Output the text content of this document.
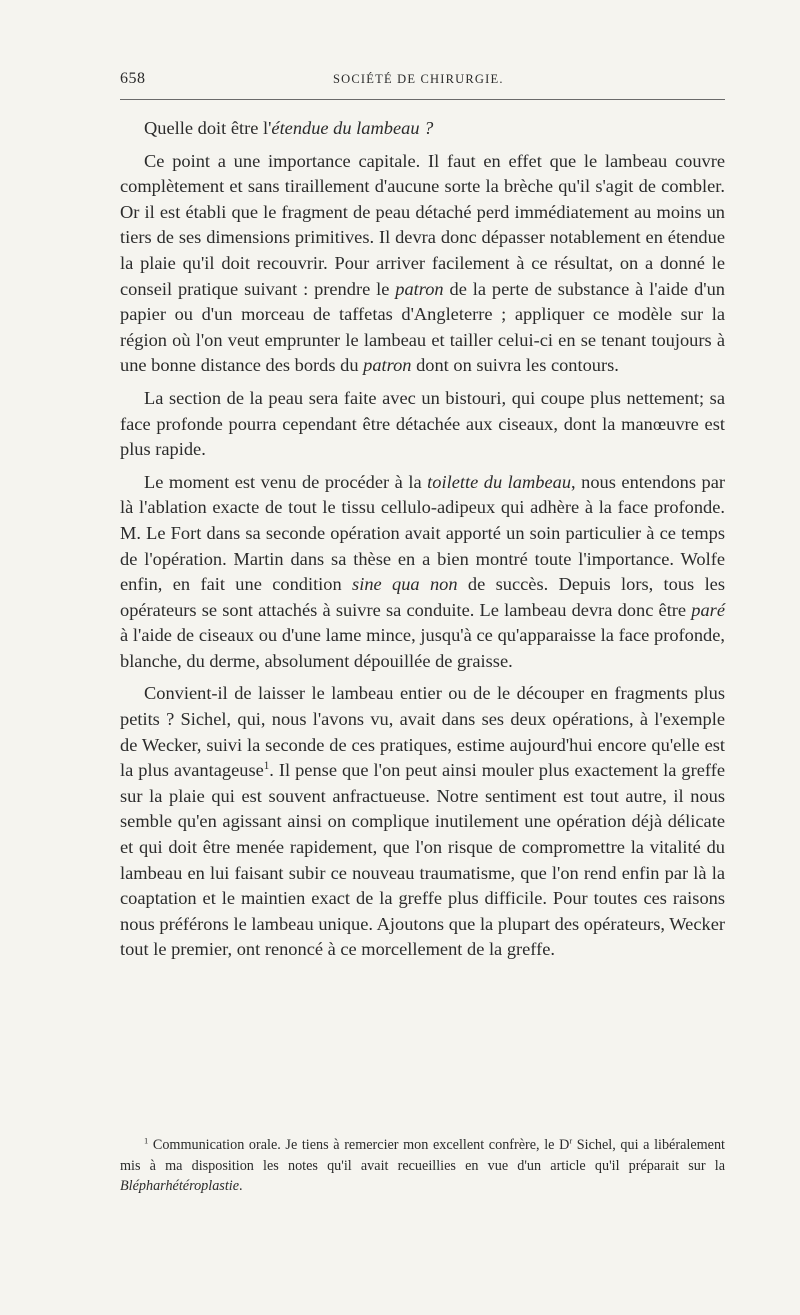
658	SOCIÉTÉ DE CHIRURGIE.

Quelle doit être l'étendue du lambeau ?

Ce point a une importance capitale. Il faut en effet que le lambeau couvre complètement et sans tiraillement d'aucune sorte la brèche qu'il s'agit de combler. Or il est établi que le fragment de peau détaché perd immédiatement au moins un tiers de ses dimensions primitives. Il devra donc dépasser notablement en étendue la plaie qu'il doit recouvrir. Pour arriver facilement à ce résultat, on a donné le conseil pratique suivant : prendre le patron de la perte de substance à l'aide d'un papier ou d'un morceau de taffetas d'Angleterre ; appliquer ce modèle sur la région où l'on veut emprunter le lambeau et tailler celui-ci en se tenant toujours à une bonne distance des bords du patron dont on suivra les contours.

La section de la peau sera faite avec un bistouri, qui coupe plus nettement; sa face profonde pourra cependant être détachée aux ciseaux, dont la manœuvre est plus rapide.

Le moment est venu de procéder à la toilette du lambeau, nous entendons par là l'ablation exacte de tout le tissu cellulo-adipeux qui adhère à la face profonde. M. Le Fort dans sa seconde opération avait apporté un soin particulier à ce temps de l'opération. Martin dans sa thèse en a bien montré toute l'importance. Wolfe enfin, en fait une condition sine qua non de succès. Depuis lors, tous les opérateurs se sont attachés à suivre sa conduite. Le lambeau devra donc être paré à l'aide de ciseaux ou d'une lame mince, jusqu'à ce qu'apparaisse la face profonde, blanche, du derme, absolument dépouillée de graisse.

Convient-il de laisser le lambeau entier ou de le découper en fragments plus petits ? Sichel, qui, nous l'avons vu, avait dans ses deux opérations, à l'exemple de Wecker, suivi la seconde de ces pratiques, estime aujourd'hui encore qu'elle est la plus avantageuse$^1$. Il pense que l'on peut ainsi mouler plus exactement la greffe sur la plaie qui est souvent anfractueuse. Notre sentiment est tout autre, il nous semble qu'en agissant ainsi on complique inutilement une opération déjà délicate et qui doit être menée rapidement, que l'on risque de compromettre la vitalité du lambeau en lui faisant subir ce nouveau traumatisme, que l'on rend enfin par là la coaptation et le maintien exact de la greffe plus difficile. Pour toutes ces raisons nous préférons le lambeau unique. Ajoutons que la plupart des opérateurs, Wecker tout le premier, ont renoncé à ce morcellement de la greffe.

$^1$ Communication orale. Je tiens à remercier mon excellent confrère, le $D^r$ Sichel, qui a libéralement mis à ma disposition les notes qu'il avait recueillies en vue d'un article qu'il préparait sur la Blépharhétéroplastie.
